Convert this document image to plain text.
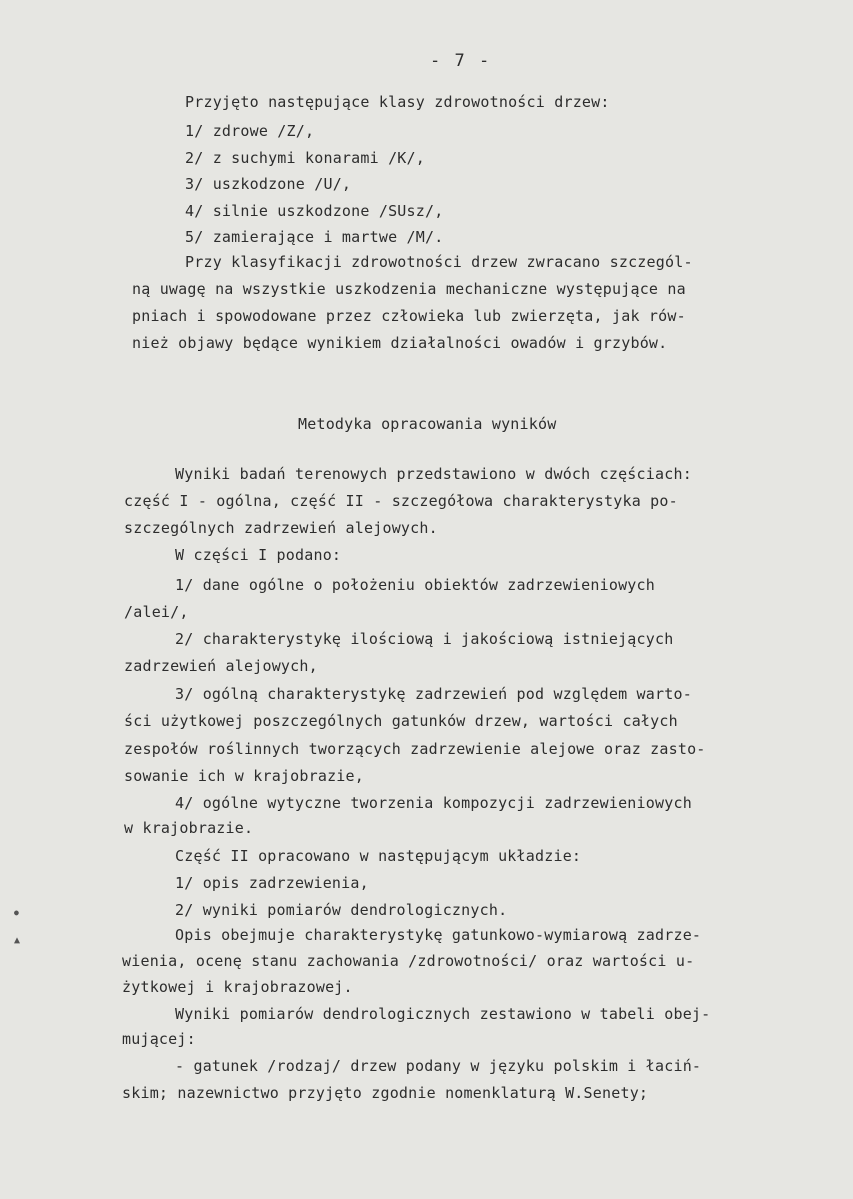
- 7 -
Przyjęto następujące klasy zdrowotności drzew:
1/ zdrowe /Z/,
2/ z suchymi konarami /K/,
3/ uszkodzone /U/,
4/ silnie uszkodzone /SUsz/,
5/ zamierające i martwe /M/.
Przy klasyfikacji zdrowotności drzew zwracano szczegól-
ną uwagę na wszystkie uszkodzenia mechaniczne występujące na
pniach i spowodowane przez człowieka lub zwierzęta, jak rów-
nież objawy będące wynikiem działalności owadów i grzybów.
Metodyka opracowania wyników
Wyniki badań terenowych przedstawiono w dwóch częściach:
część I - ogólna, część II - szczegółowa charakterystyka po-
szczególnych zadrzewień alejowych.
W części I podano:
1/ dane ogólne o położeniu obiektów zadrzewieniowych
/alei/,
2/ charakterystykę ilościową i jakościową istniejących
zadrzewień alejowych,
3/ ogólną charakterystykę zadrzewień pod względem warto-
ści użytkowej poszczególnych gatunków drzew, wartości całych
zespołów roślinnych tworzących zadrzewienie alejowe oraz zasto-
sowanie ich w krajobrazie,
4/ ogólne wytyczne tworzenia kompozycji zadrzewieniowych
w krajobrazie.
Część II opracowano w następującym układzie:
1/ opis zadrzewienia,
2/ wyniki pomiarów dendrologicznych.
Opis obejmuje charakterystykę gatunkowo-wymiarową zadrze-
wienia, ocenę stanu zachowania /zdrowotności/ oraz wartości u-
żytkowej i krajobrazowej.
Wyniki pomiarów dendrologicznych zestawiono w tabeli obej-
mującej:
- gatunek /rodzaj/ drzew podany w języku polskim i łaciń-
skim; nazewnictwo przyjęto zgodnie nomenklaturą W.Senety;
▲
●
